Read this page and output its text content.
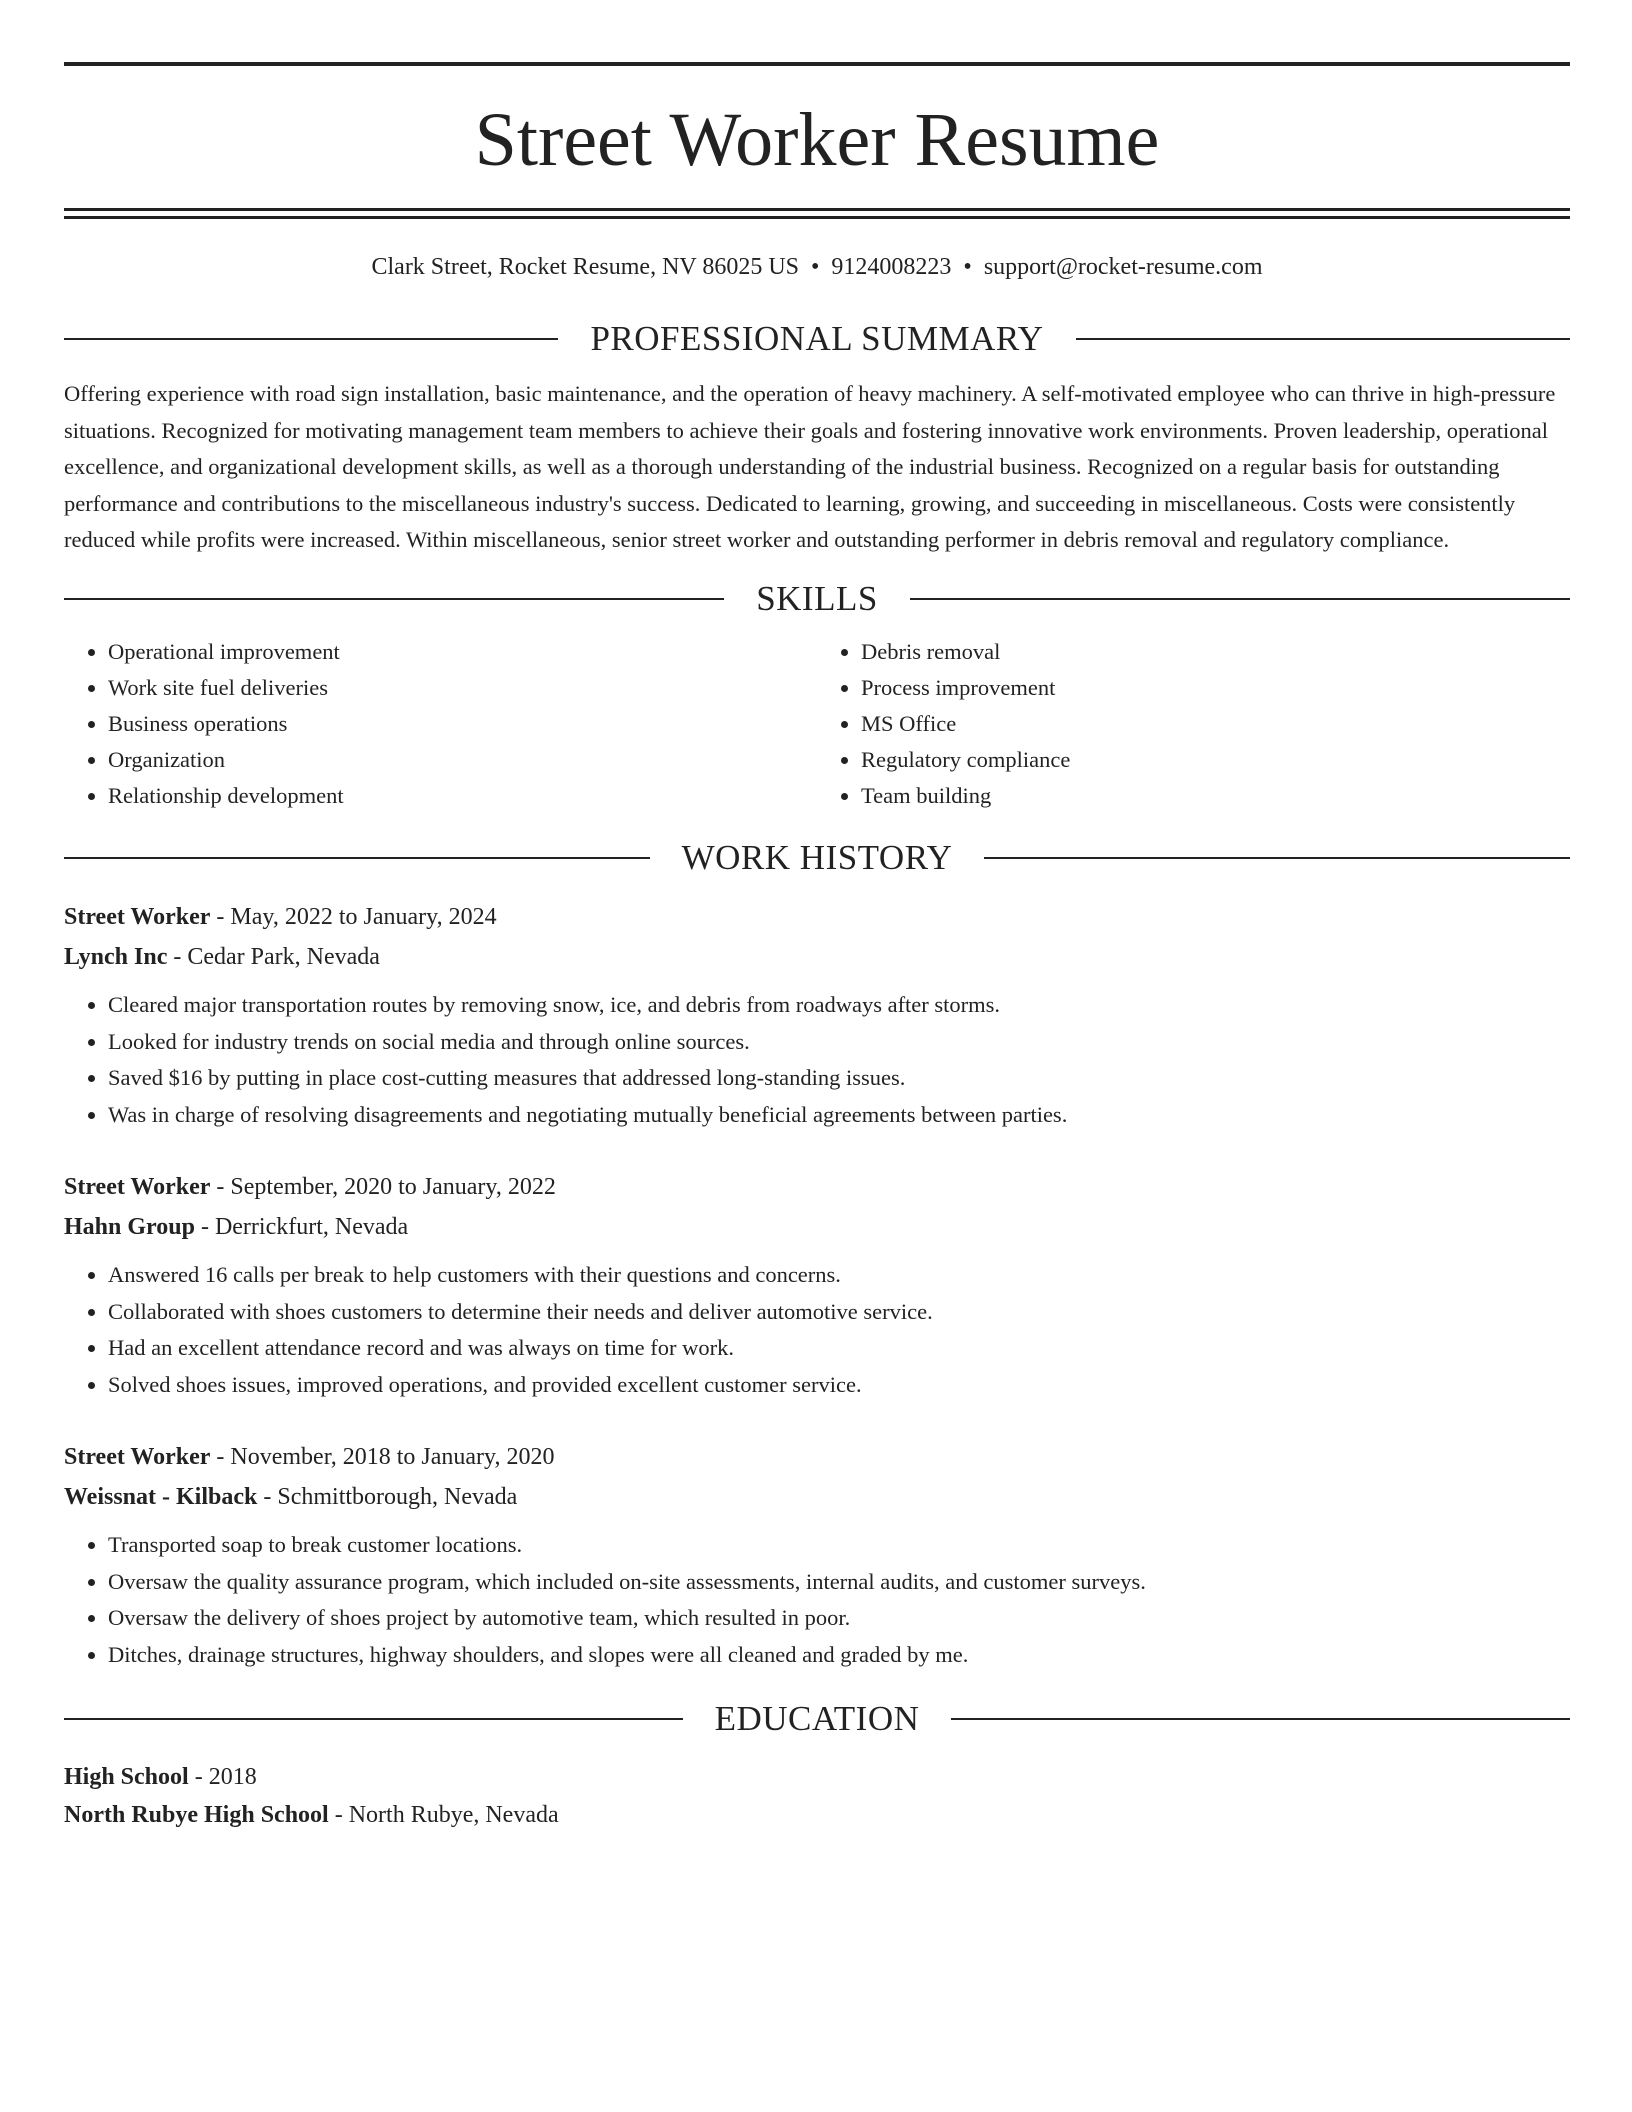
Street Worker Resume
Clark Street, Rocket Resume, NV 86025 US • 9124008223 • support@rocket-resume.com
PROFESSIONAL SUMMARY

Offering experience with road sign installation, basic maintenance, and the operation of heavy machinery. A self-motivated employee who can thrive in high-pressure situations. Recognized for motivating management team members to achieve their goals and fostering innovative work environments. Proven leadership, operational excellence, and organizational development skills, as well as a thorough understanding of the industrial business. Recognized on a regular basis for outstanding performance and contributions to the miscellaneous industry's success. Dedicated to learning, growing, and succeeding in miscellaneous. Costs were consistently reduced while profits were increased. Within miscellaneous, senior street worker and outstanding performer in debris removal and regulatory compliance.

SKILLS
• Operational improvement
• Work site fuel deliveries
• Business operations
• Organization
• Relationship development
• Debris removal
• Process improvement
• MS Office
• Regulatory compliance
• Team building
WORK HISTORY
Street Worker - May, 2022 to January, 2024
Lynch Inc - Cedar Park, Nevada
• Cleared major transportation routes by removing snow, ice, and debris from roadways after storms.
• Looked for industry trends on social media and through online sources.
• Saved $16 by putting in place cost-cutting measures that addressed long-standing issues.
• Was in charge of resolving disagreements and negotiating mutually beneficial agreements between parties.
Street Worker - September, 2020 to January, 2022
Hahn Group - Derrickfurt, Nevada
• Answered 16 calls per break to help customers with their questions and concerns.
• Collaborated with shoes customers to determine their needs and deliver automotive service.
• Had an excellent attendance record and was always on time for work.
• Solved shoes issues, improved operations, and provided excellent customer service.
Street Worker - November, 2018 to January, 2020
Weissnat - Kilback - Schmittborough, Nevada
• Transported soap to break customer locations.
• Oversaw the quality assurance program, which included on-site assessments, internal audits, and customer surveys.
• Oversaw the delivery of shoes project by automotive team, which resulted in poor.
• Ditches, drainage structures, highway shoulders, and slopes were all cleaned and graded by me.
EDUCATION
High School - 2018
North Rubye High School - North Rubye, Nevada
